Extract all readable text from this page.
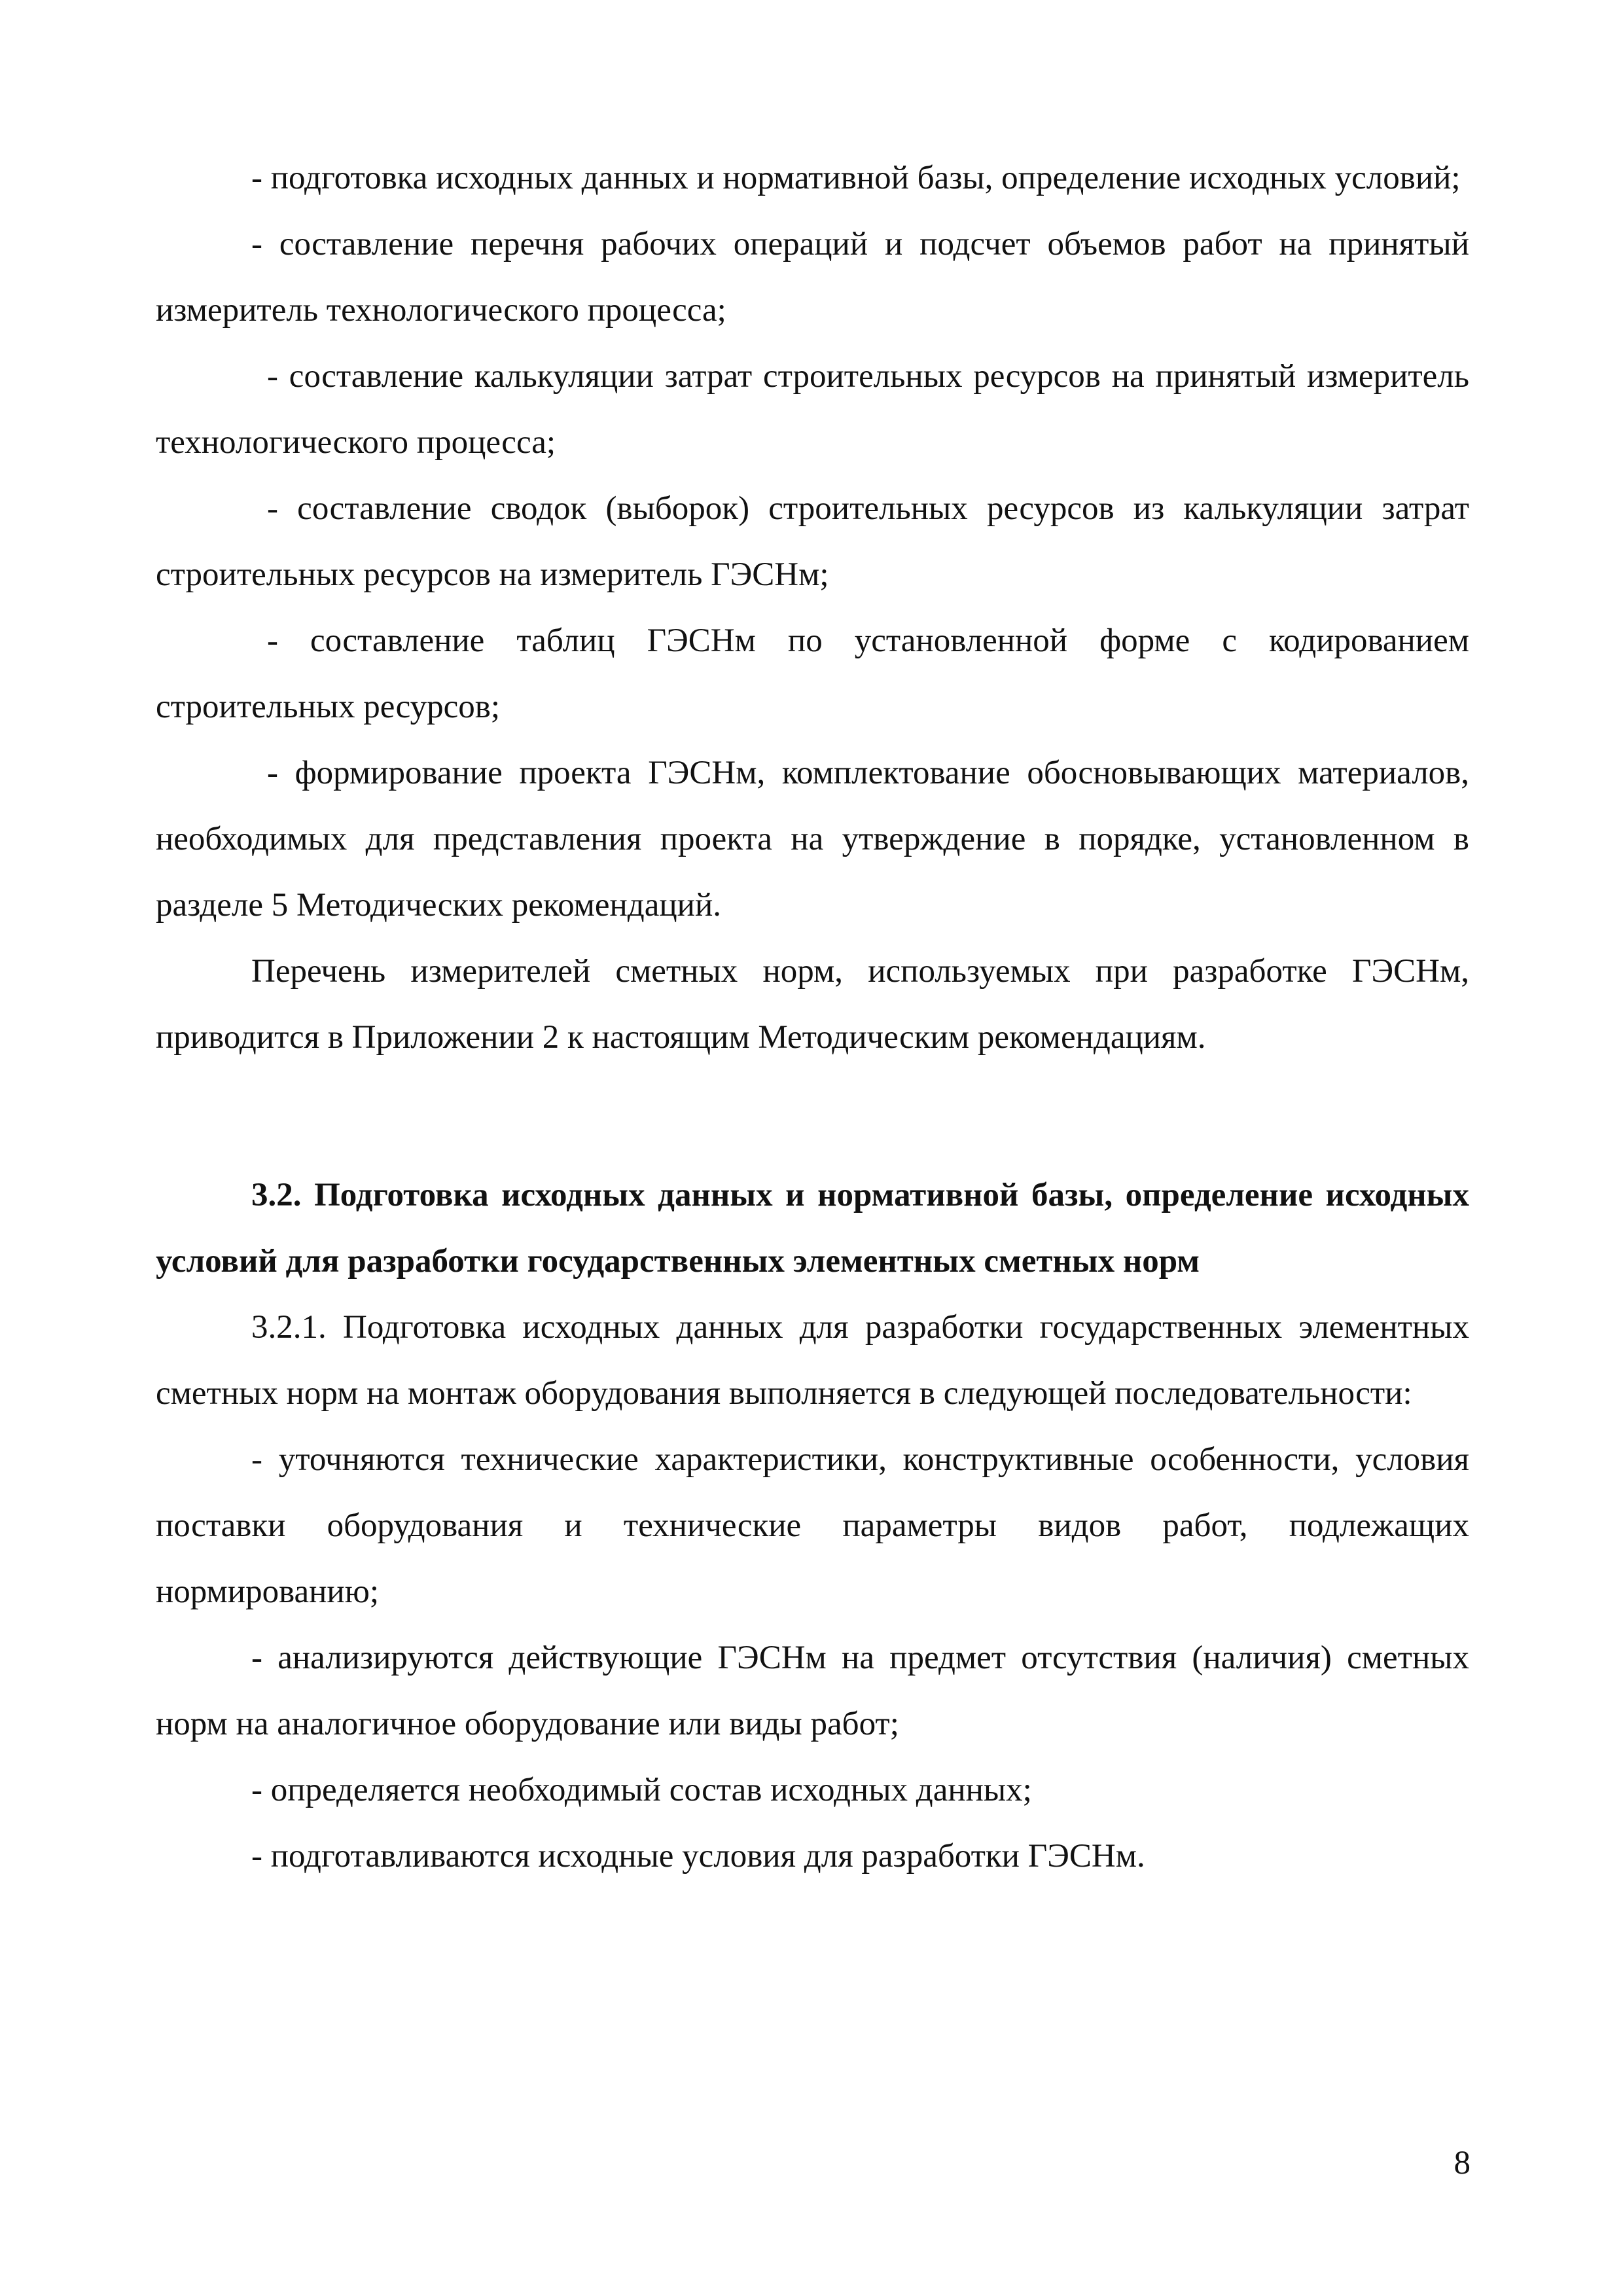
- подготовка исходных данных и нормативной базы, определение исходных условий;

- составление перечня рабочих операций и подсчет объемов работ на принятый измеритель технологического процесса;

- составление калькуляции затрат строительных ресурсов на принятый измеритель технологического процесса;

- составление сводок (выборок) строительных ресурсов из калькуляции затрат строительных ресурсов на измеритель ГЭСНм;

- составление таблиц ГЭСНм по установленной форме с кодированием строительных ресурсов;

- формирование проекта ГЭСНм, комплектование обосновывающих материалов, необходимых для представления проекта на утверждение в порядке, установленном в разделе 5 Методических рекомендаций.

Перечень измерителей сметных норм, используемых при разработке ГЭСНм, приводится в Приложении 2 к настоящим Методическим рекомендациям.

3.2. Подготовка исходных данных и нормативной базы, определение исходных условий для разработки государственных элементных сметных норм

3.2.1. Подготовка исходных данных для разработки государственных элементных сметных норм на монтаж оборудования выполняется в следующей последовательности:

- уточняются технические характеристики, конструктивные особенности, условия поставки оборудования и технические параметры видов работ, подлежащих нормированию;

- анализируются действующие ГЭСНм на предмет отсутствия (наличия) сметных норм на аналогичное оборудование или виды работ;

- определяется необходимый состав исходных данных;

- подготавливаются исходные условия для разработки ГЭСНм.

8
